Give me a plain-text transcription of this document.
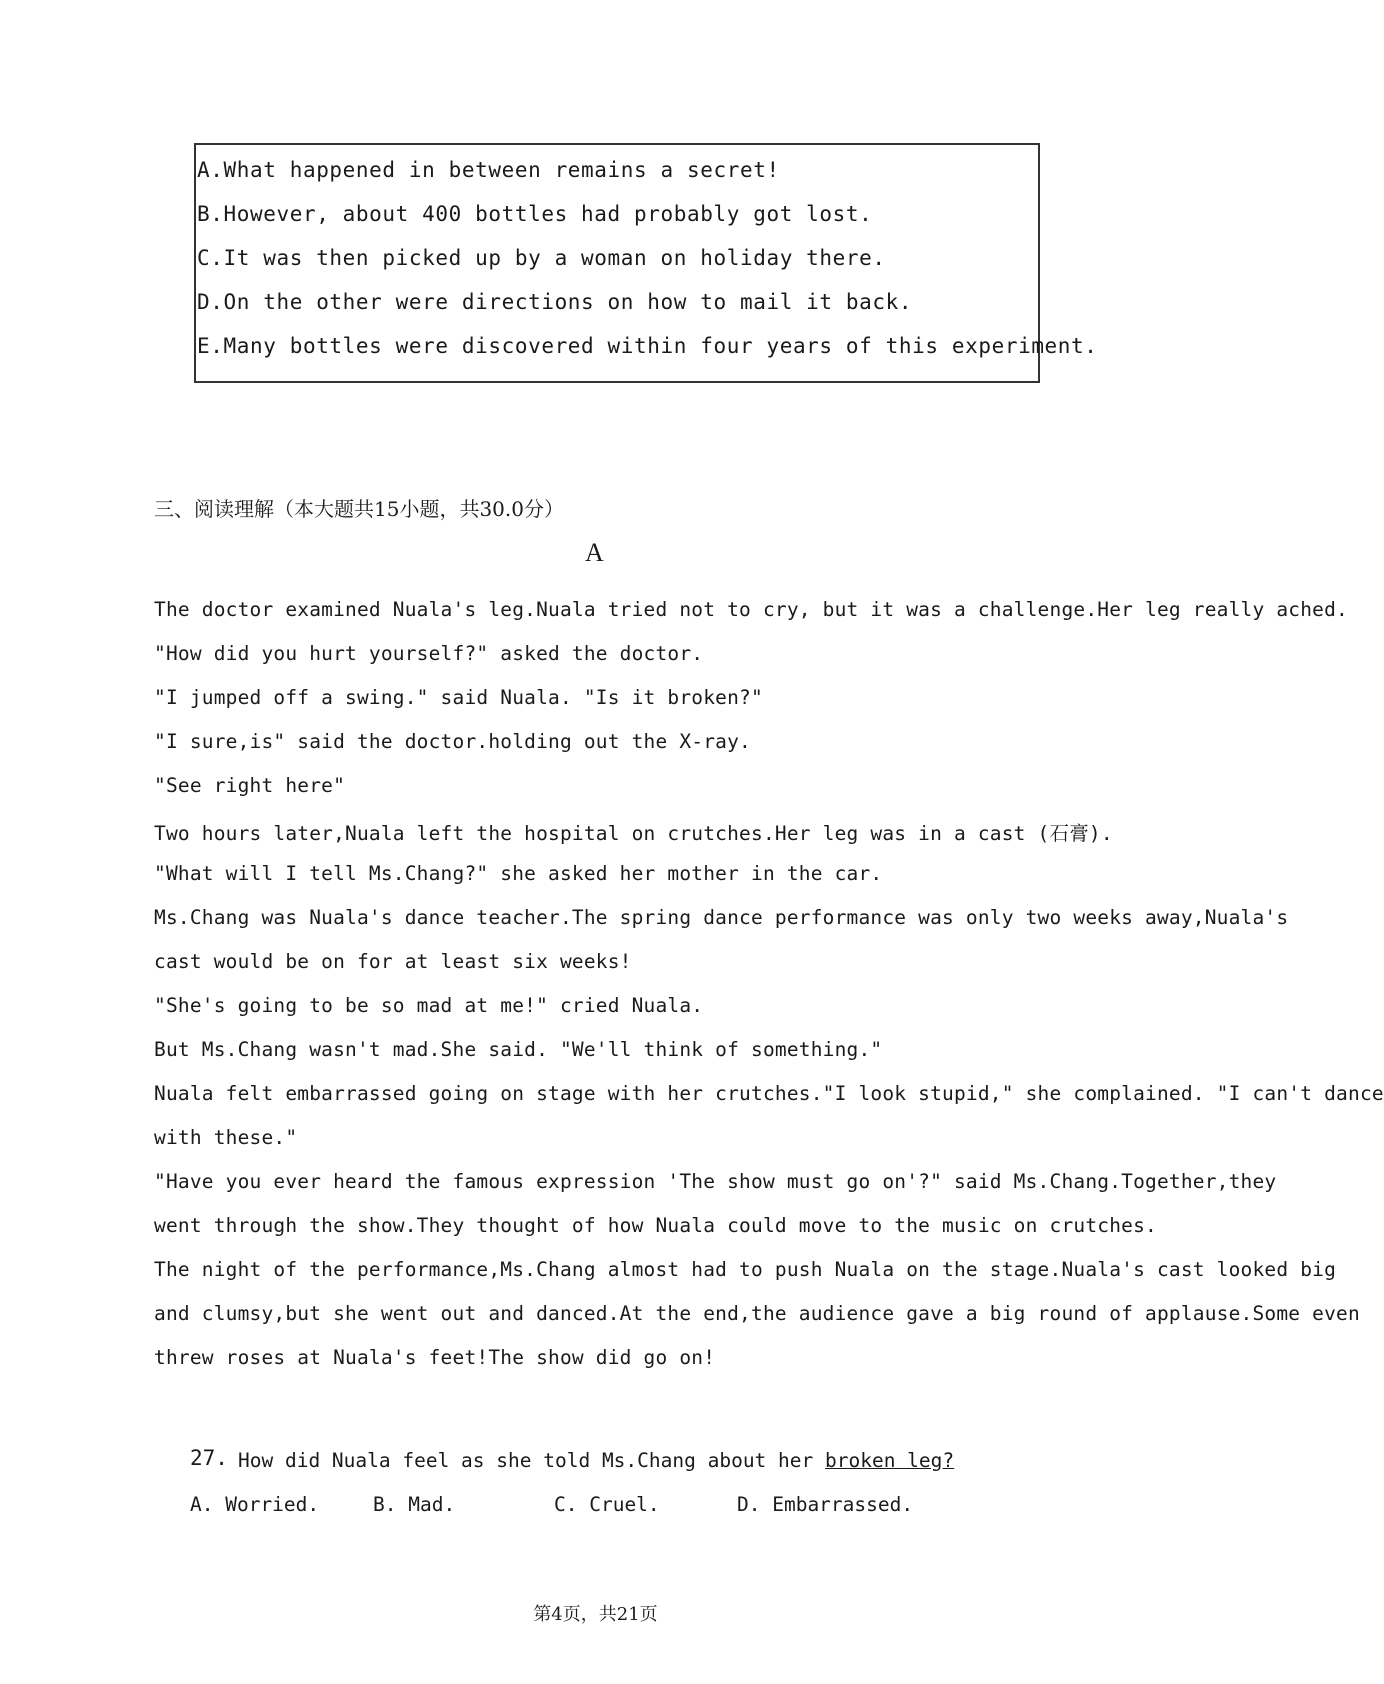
A.What happened in between remains a secret!
B.However, about 400 bottles had probably got lost.
C.It was then picked up by a woman on holiday there.
D.On the other were directions on how to mail it back.
E.Many bottles were discovered within four years of this experiment.
三、阅读理解（本大题共15小题，共30.0分）
A
The doctor examined Nuala's leg.Nuala tried not to cry, but it was a challenge.Her leg really ached.
"How did you hurt yourself?" asked the doctor.
"I jumped off a swing." said Nuala. "Is it broken?"
"I sure,is" said the doctor.holding out the X-ray.
"See right here"
Two hours later,Nuala left the hospital on crutches.Her leg was in a cast (石膏).
"What will I tell Ms.Chang?" she asked her mother in the car.
Ms.Chang was Nuala's dance teacher.The spring dance performance was only two weeks away,Nuala's
cast would be on for at least six weeks!
"She's going to be so mad at me!" cried Nuala.
But Ms.Chang wasn't mad.She said. "We'll think of something."
Nuala felt embarrassed going on stage with her crutches."I look stupid," she complained. "I can't dance
with these."
"Have you ever heard the famous expression 'The show must go on'?" said Ms.Chang.Together,they
went through the show.They thought of how Nuala could move to the music on crutches.
The night of the performance,Ms.Chang almost had to push Nuala on the stage.Nuala's cast looked big
and clumsy,but she went out and danced.At the end,the audience gave a big round of applause.Some even
threw roses at Nuala's feet!The show did go on!
27. How did Nuala feel as she told Ms.Chang about her broken leg?
A. Worried.	B. Mad.	C. Cruel.	D. Embarrassed.
第4页，共21页
